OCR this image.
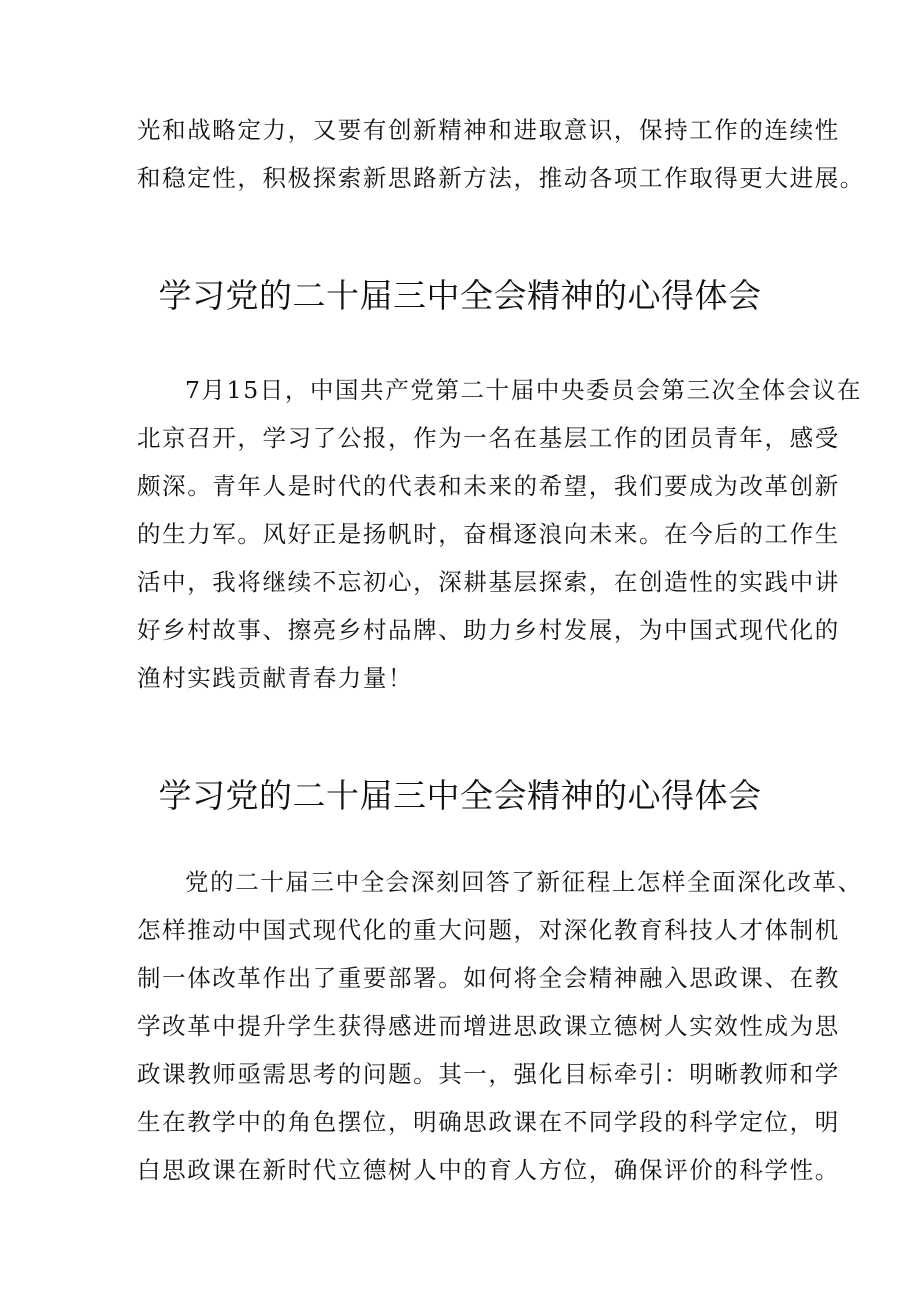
光和战略定力，又要有创新精神和进取意识，保持工作的连续性
和稳定性，积极探索新思路新方法，推动各项工作取得更大进展。
学习党的二十届三中全会精神的心得体会
7月15日，中国共产党第二十届中央委员会第三次全体会议在
北京召开，学习了公报，作为一名在基层工作的团员青年，感受
颇深。青年人是时代的代表和未来的希望，我们要成为改革创新
的生力军。风好正是扬帆时，奋楫逐浪向未来。在今后的工作生
活中，我将继续不忘初心，深耕基层探索，在创造性的实践中讲
好乡村故事、擦亮乡村品牌、助力乡村发展，为中国式现代化的
渔村实践贡献青春力量！
学习党的二十届三中全会精神的心得体会
党的二十届三中全会深刻回答了新征程上怎样全面深化改革、
怎样推动中国式现代化的重大问题，对深化教育科技人才体制机
制一体改革作出了重要部署。如何将全会精神融入思政课、在教
学改革中提升学生获得感进而增进思政课立德树人实效性成为思
政课教师亟需思考的问题。其一，强化目标牵引：明晰教师和学
生在教学中的角色摆位，明确思政课在不同学段的科学定位，明
白思政课在新时代立德树人中的育人方位，确保评价的科学性。
